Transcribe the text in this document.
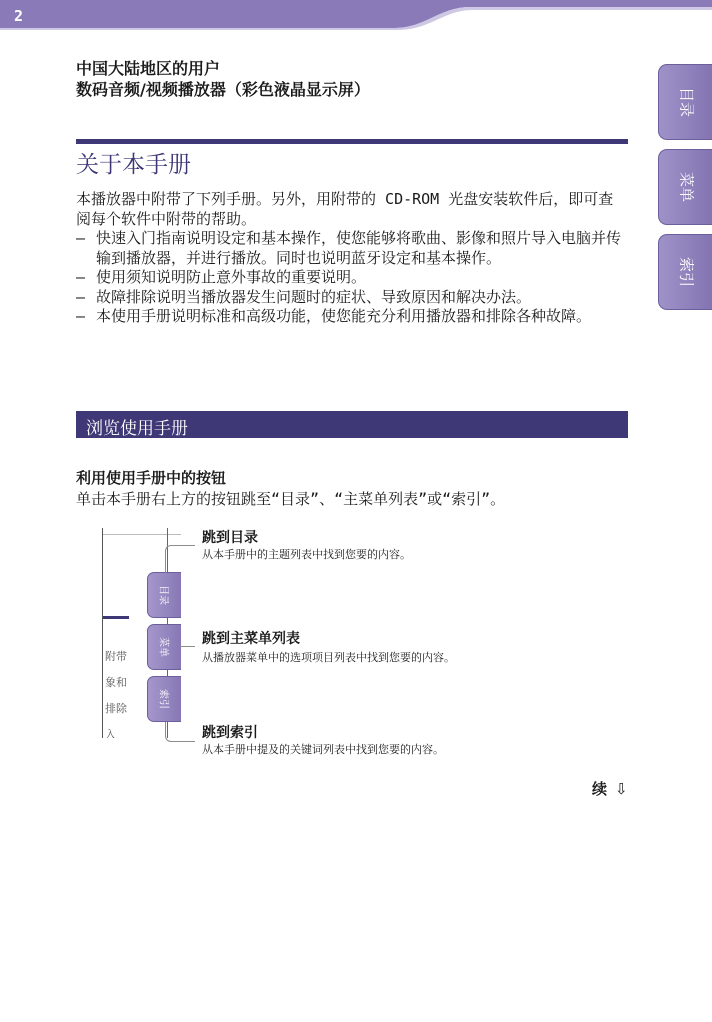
2
中国大陆地区的用户
数码音频/视频播放器（彩色液晶显示屏）	目录
菜单
索引
关于本手册

本播放器中附带了下列手册。另外，用附带的 CD-ROM 光盘安装软件后，即可查阅每个软件中附带的帮助。

– 快速入门指南说明设定和基本操作，使您能够将歌曲、影像和照片导入电脑并传输到播放器，并进行播放。同时也说明蓝牙设定和基本操作。

– 使用须知说明防止意外事故的重要说明。

– 故障排除说明当播放器发生问题时的症状、导致原因和解决办法。

– 本使用手册说明标准和高级功能，使您能充分利用播放器和排除各种故障。

浏览使用手册
利用使用手册中的按钮
单击本手册右上方的按钮跳至“目录”、“主菜单列表”或“索引”。
附带
象和
排除
入
目录
菜单
索引
跳到目录
从本手册中的主题列表中找到您要的内容。
跳到主菜单列表
从播放器菜单中的选项项目列表中找到您要的内容。
跳到索引
从本手册中提及的关键词列表中找到您要的内容。
续 ⇩
